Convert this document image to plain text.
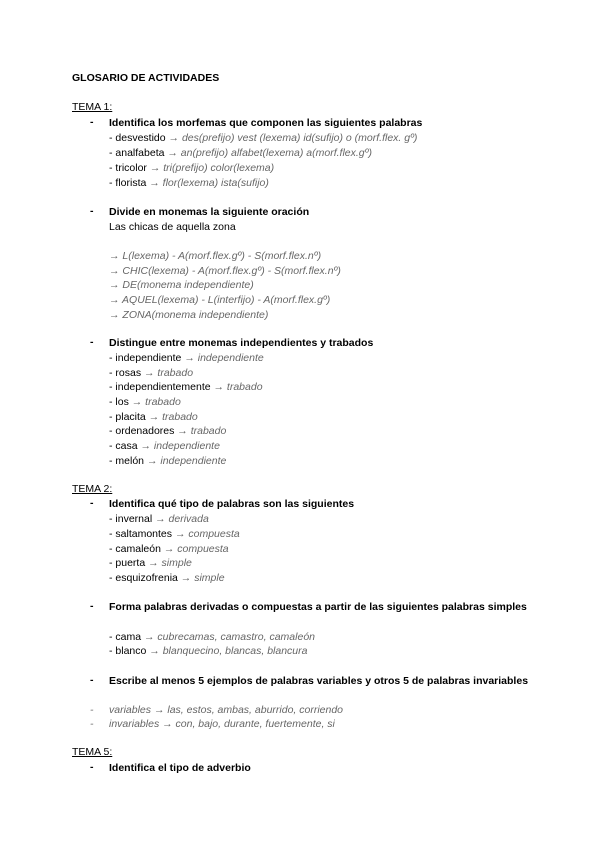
GLOSARIO DE ACTIVIDADES
TEMA 1:
- Identifica los morfemas que componen las siguientes palabras
- desvestido → des(prefijo) vest (lexema) id(sufijo) o (morf.flex. gº)
- analfabeta → an(prefijo) alfabet(lexema) a(morf.flex.gº)
- tricolor → tri(prefijo) color(lexema)
- florista → flor(lexema) ista(sufijo)
- Divide en monemas la siguiente oración
Las chicas de aquella zona
→ L(lexema) - A(morf.flex.gº) - S(morf.flex.nº)
→ CHIC(lexema) - A(morf.flex.gº) - S(morf.flex.nº)
→ DE(monema independiente)
→ AQUEL(lexema) - L(interfijo) - A(morf.flex.gº)
→ ZONA(monema independiente)
- Distingue entre monemas independientes y trabados
- independiente → independiente
- rosas → trabado
- independientemente → trabado
- los → trabado
- placita → trabado
- ordenadores → trabado
- casa → independiente
- melón → independiente
TEMA 2:
- Identifica qué tipo de palabras son las siguientes
- invernal → derivada
- saltamontes → compuesta
- camaleón → compuesta
- puerta → simple
- esquizofrenia → simple
- Forma palabras derivadas o compuestas a partir de las siguientes palabras simples
- cama → cubrecamas, camastro, camaleón
- blanco → blanquecino, blancas, blancura
- Escribe al menos 5 ejemplos de palabras variables y otros 5 de palabras invariables
- variables → las, estos, ambas, aburrido, corriendo
- invariables → con, bajo, durante, fuertemente, si
TEMA 5:
- Identifica el tipo de adverbio
